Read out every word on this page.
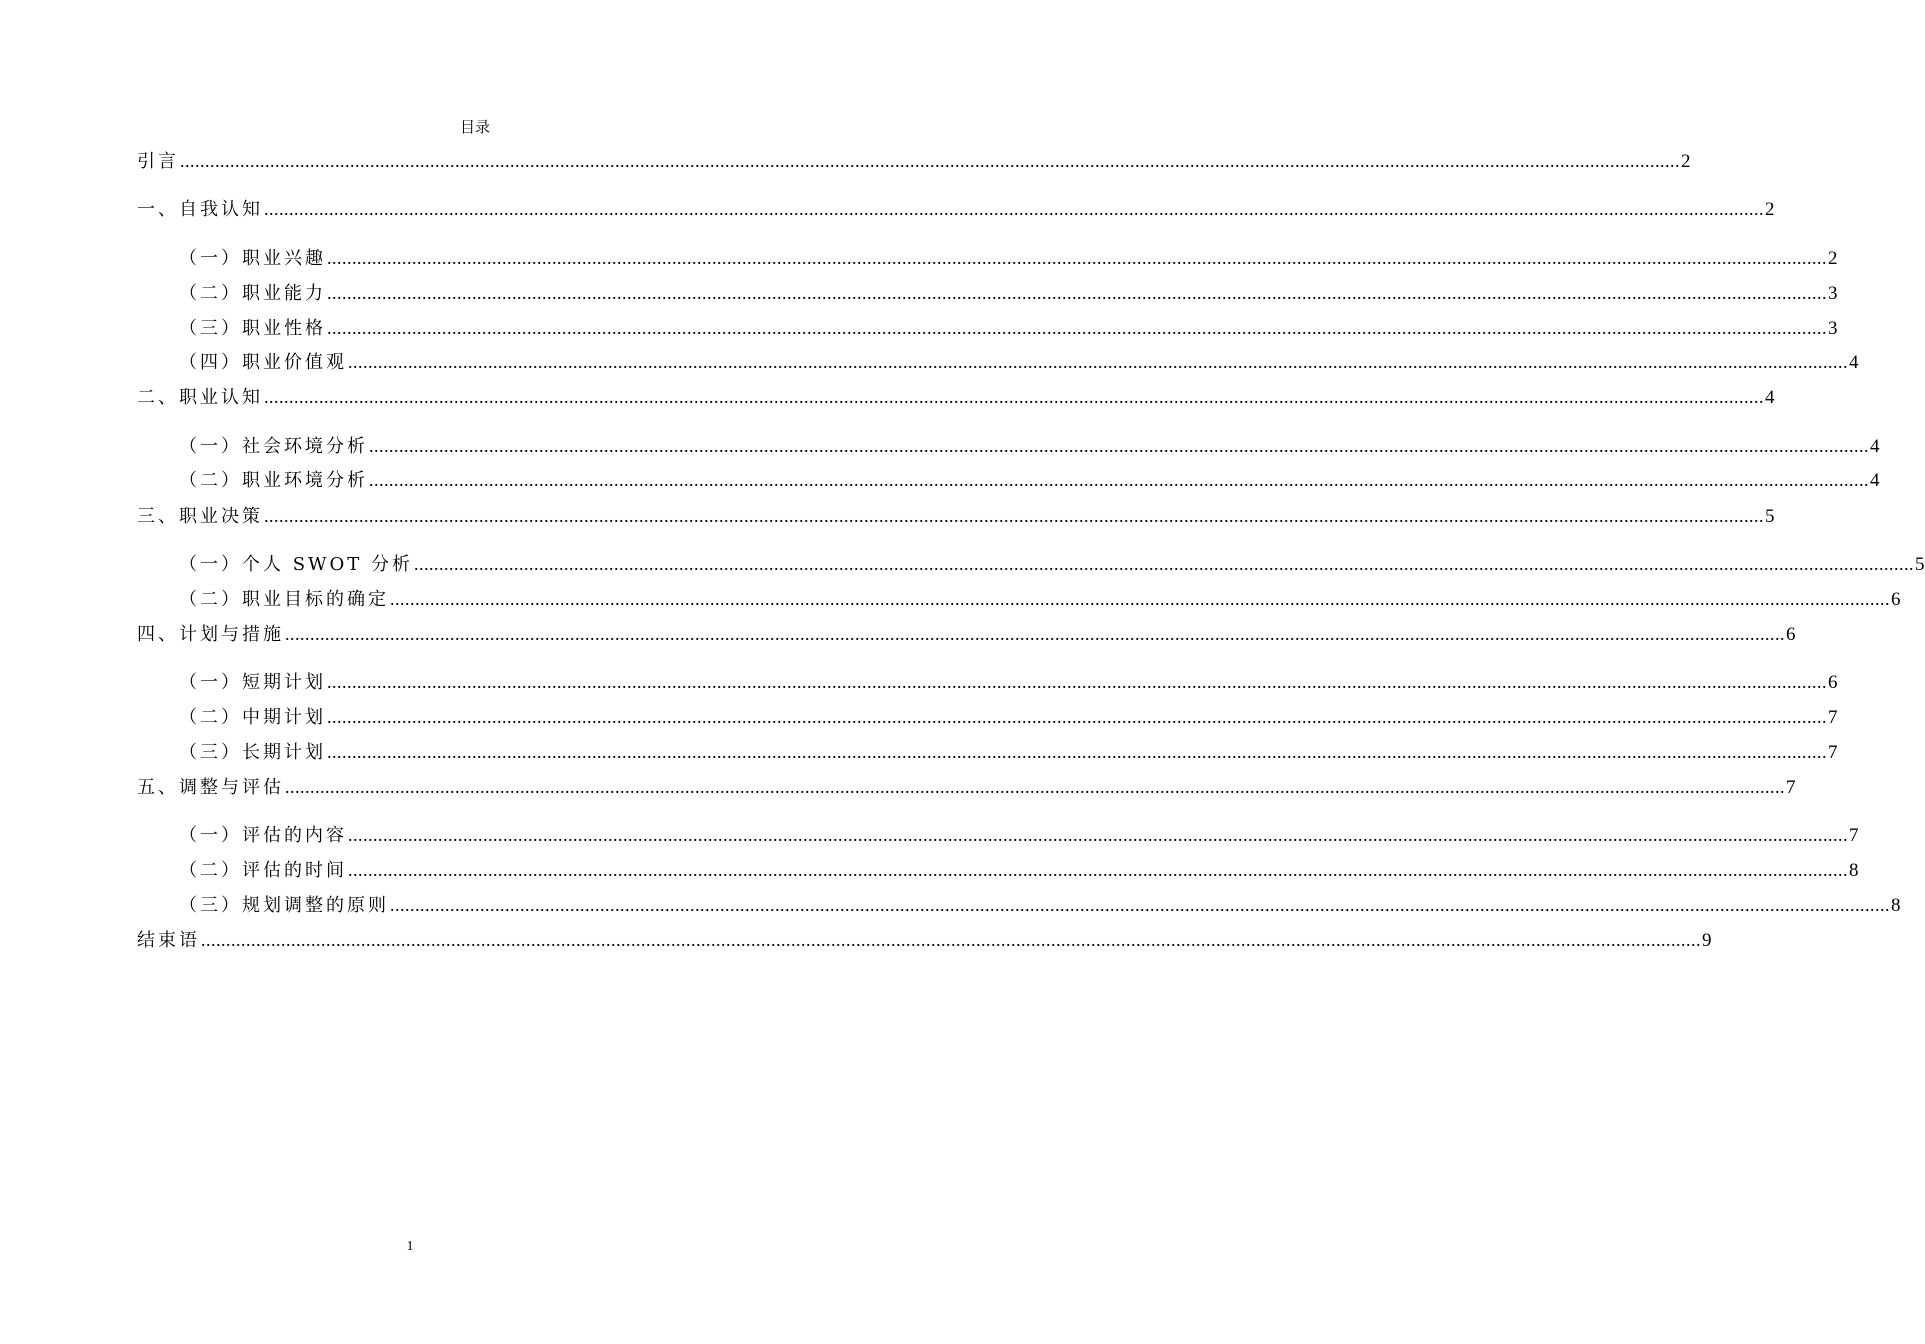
目录
引言 ............................................................................................................................................................................................................................................................................................................ 2
一、自我认知 ............................................................................................................................................................................................................................................................................................................ 2
（一）职业兴趣 ............................................................................................................................................................................................................................................................................................................ 2
（二）职业能力 ............................................................................................................................................................................................................................................................................................................ 3
（三）职业性格 ............................................................................................................................................................................................................................................................................................................ 3
（四）职业价值观 ............................................................................................................................................................................................................................................................................................................ 4
二、职业认知 ............................................................................................................................................................................................................................................................................................................ 4
（一）社会环境分析 ............................................................................................................................................................................................................................................................................................................ 4
（二）职业环境分析 ............................................................................................................................................................................................................................................................................................................ 4
三、职业决策 ............................................................................................................................................................................................................................................................................................................ 5
（一）个人 SWOT 分析 ............................................................................................................................................................................................................................................................................................................ 5
（二）职业目标的确定 ............................................................................................................................................................................................................................................................................................................ 6
四、计划与措施 ............................................................................................................................................................................................................................................................................................................ 6
（一）短期计划 ............................................................................................................................................................................................................................................................................................................ 6
（二）中期计划 ............................................................................................................................................................................................................................................................................................................ 7
（三）长期计划 ............................................................................................................................................................................................................................................................................................................ 7
五、调整与评估 ............................................................................................................................................................................................................................................................................................................ 7
（一）评估的内容 ............................................................................................................................................................................................................................................................................................................ 7
（二）评估的时间 ............................................................................................................................................................................................................................................................................................................ 8
（三）规划调整的原则 ............................................................................................................................................................................................................................................................................................................ 8
结束语 ............................................................................................................................................................................................................................................................................................................ 9
1
